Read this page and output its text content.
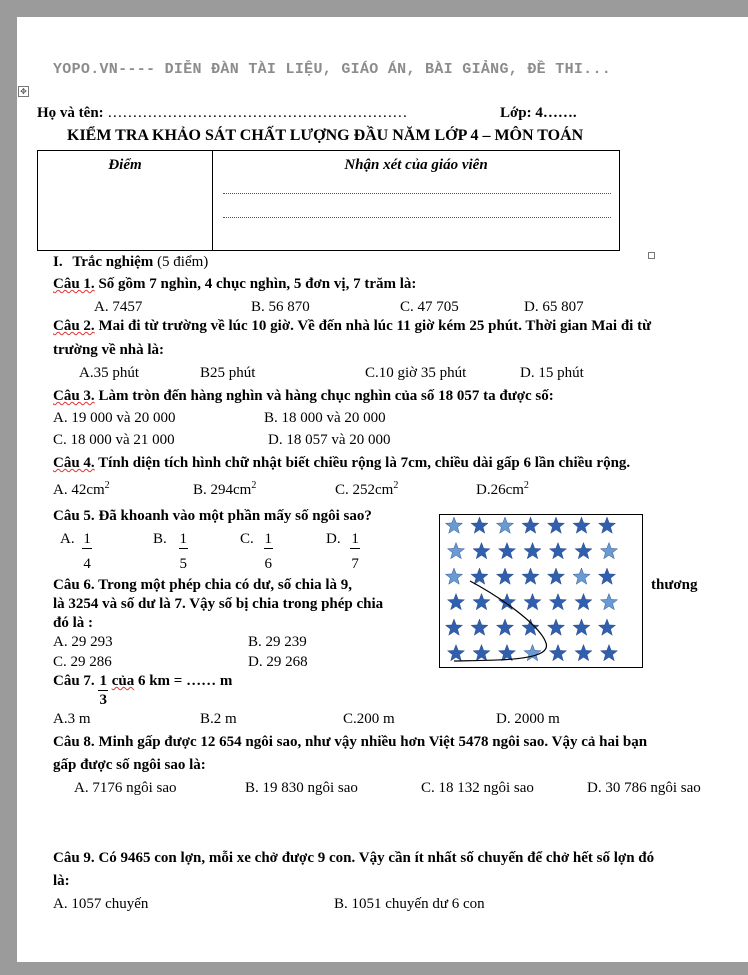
YOPO.VN---- DIỄN ĐÀN TÀI LIỆU, GIÁO ÁN, BÀI GIẢNG, ĐỀ THI...
✥
Họ và tên: ……………………………………………………	Lớp: 4…….
KIỂM TRA KHẢO SÁT CHẤT LƯỢNG ĐẦU NĂM LỚP 4 – MÔN TOÁN
Điểm	Nhận xét của giáo viên
I. Trắc nghiệm (5 điểm)
Câu 1. Số gồm 7 nghìn, 4 chục nghìn, 5 đơn vị, 7 trăm là:
A. 7457	B. 56 870	C. 47 705	D. 65 807
Câu 2. Mai đi từ trường về lúc 10 giờ. Về đến nhà lúc 11 giờ kém 25 phút. Thời gian Mai đi từ
trường về nhà là:
A.35 phút	B25 phút	C.10 giờ 35 phút	D. 15 phút
Câu 3. Làm tròn đến hàng nghìn và hàng chục nghìn của số 18 057 ta được số:
A. 19 000 và 20 000	B. 18 000 và 20 000
C. 18 000 và 21 000	D. 18 057 và 20 000
Câu 4. Tính diện tích hình chữ nhật biết chiều rộng là 7cm, chiều dài gấp 6 lần chiều rộng.
A. $42cm^2$	B. $294cm^2$	C. $252cm^2$	$D.26cm^2$
Câu 5. Đã khoanh vào một phần mấy số ngôi sao?
A. $\frac{1}{4}$	B. $\frac{1}{5}$	C. $\frac{1}{6}$	D. $\frac{1}{7}$
Câu 6. Trong một phép chia có dư, số chia là 9,	thương
là 3254 và số dư là 7. Vậy số bị chia trong phép chia
đó là :
A. 29 293	B. 29 239
C. 29 286	D. 29 268
Câu 7. $\frac{1}{3}$ của 6 km = …… m
A.3 m	B.2 m	C.200 m	D. 2000 m
Câu 8. Minh gấp được 12 654 ngôi sao, như vậy nhiều hơn Việt 5478 ngôi sao. Vậy cả hai bạn
gấp được số ngôi sao là:
A. 7176 ngôi sao	B. 19 830 ngôi sao	C. 18 132 ngôi sao	D. 30 786 ngôi sao
Câu 9. Có 9465 con lợn, mỗi xe chở được 9 con. Vậy cần ít nhất số chuyến để chở hết số lợn đó
là:
A. 1057 chuyến	B. 1051 chuyến dư 6 con
